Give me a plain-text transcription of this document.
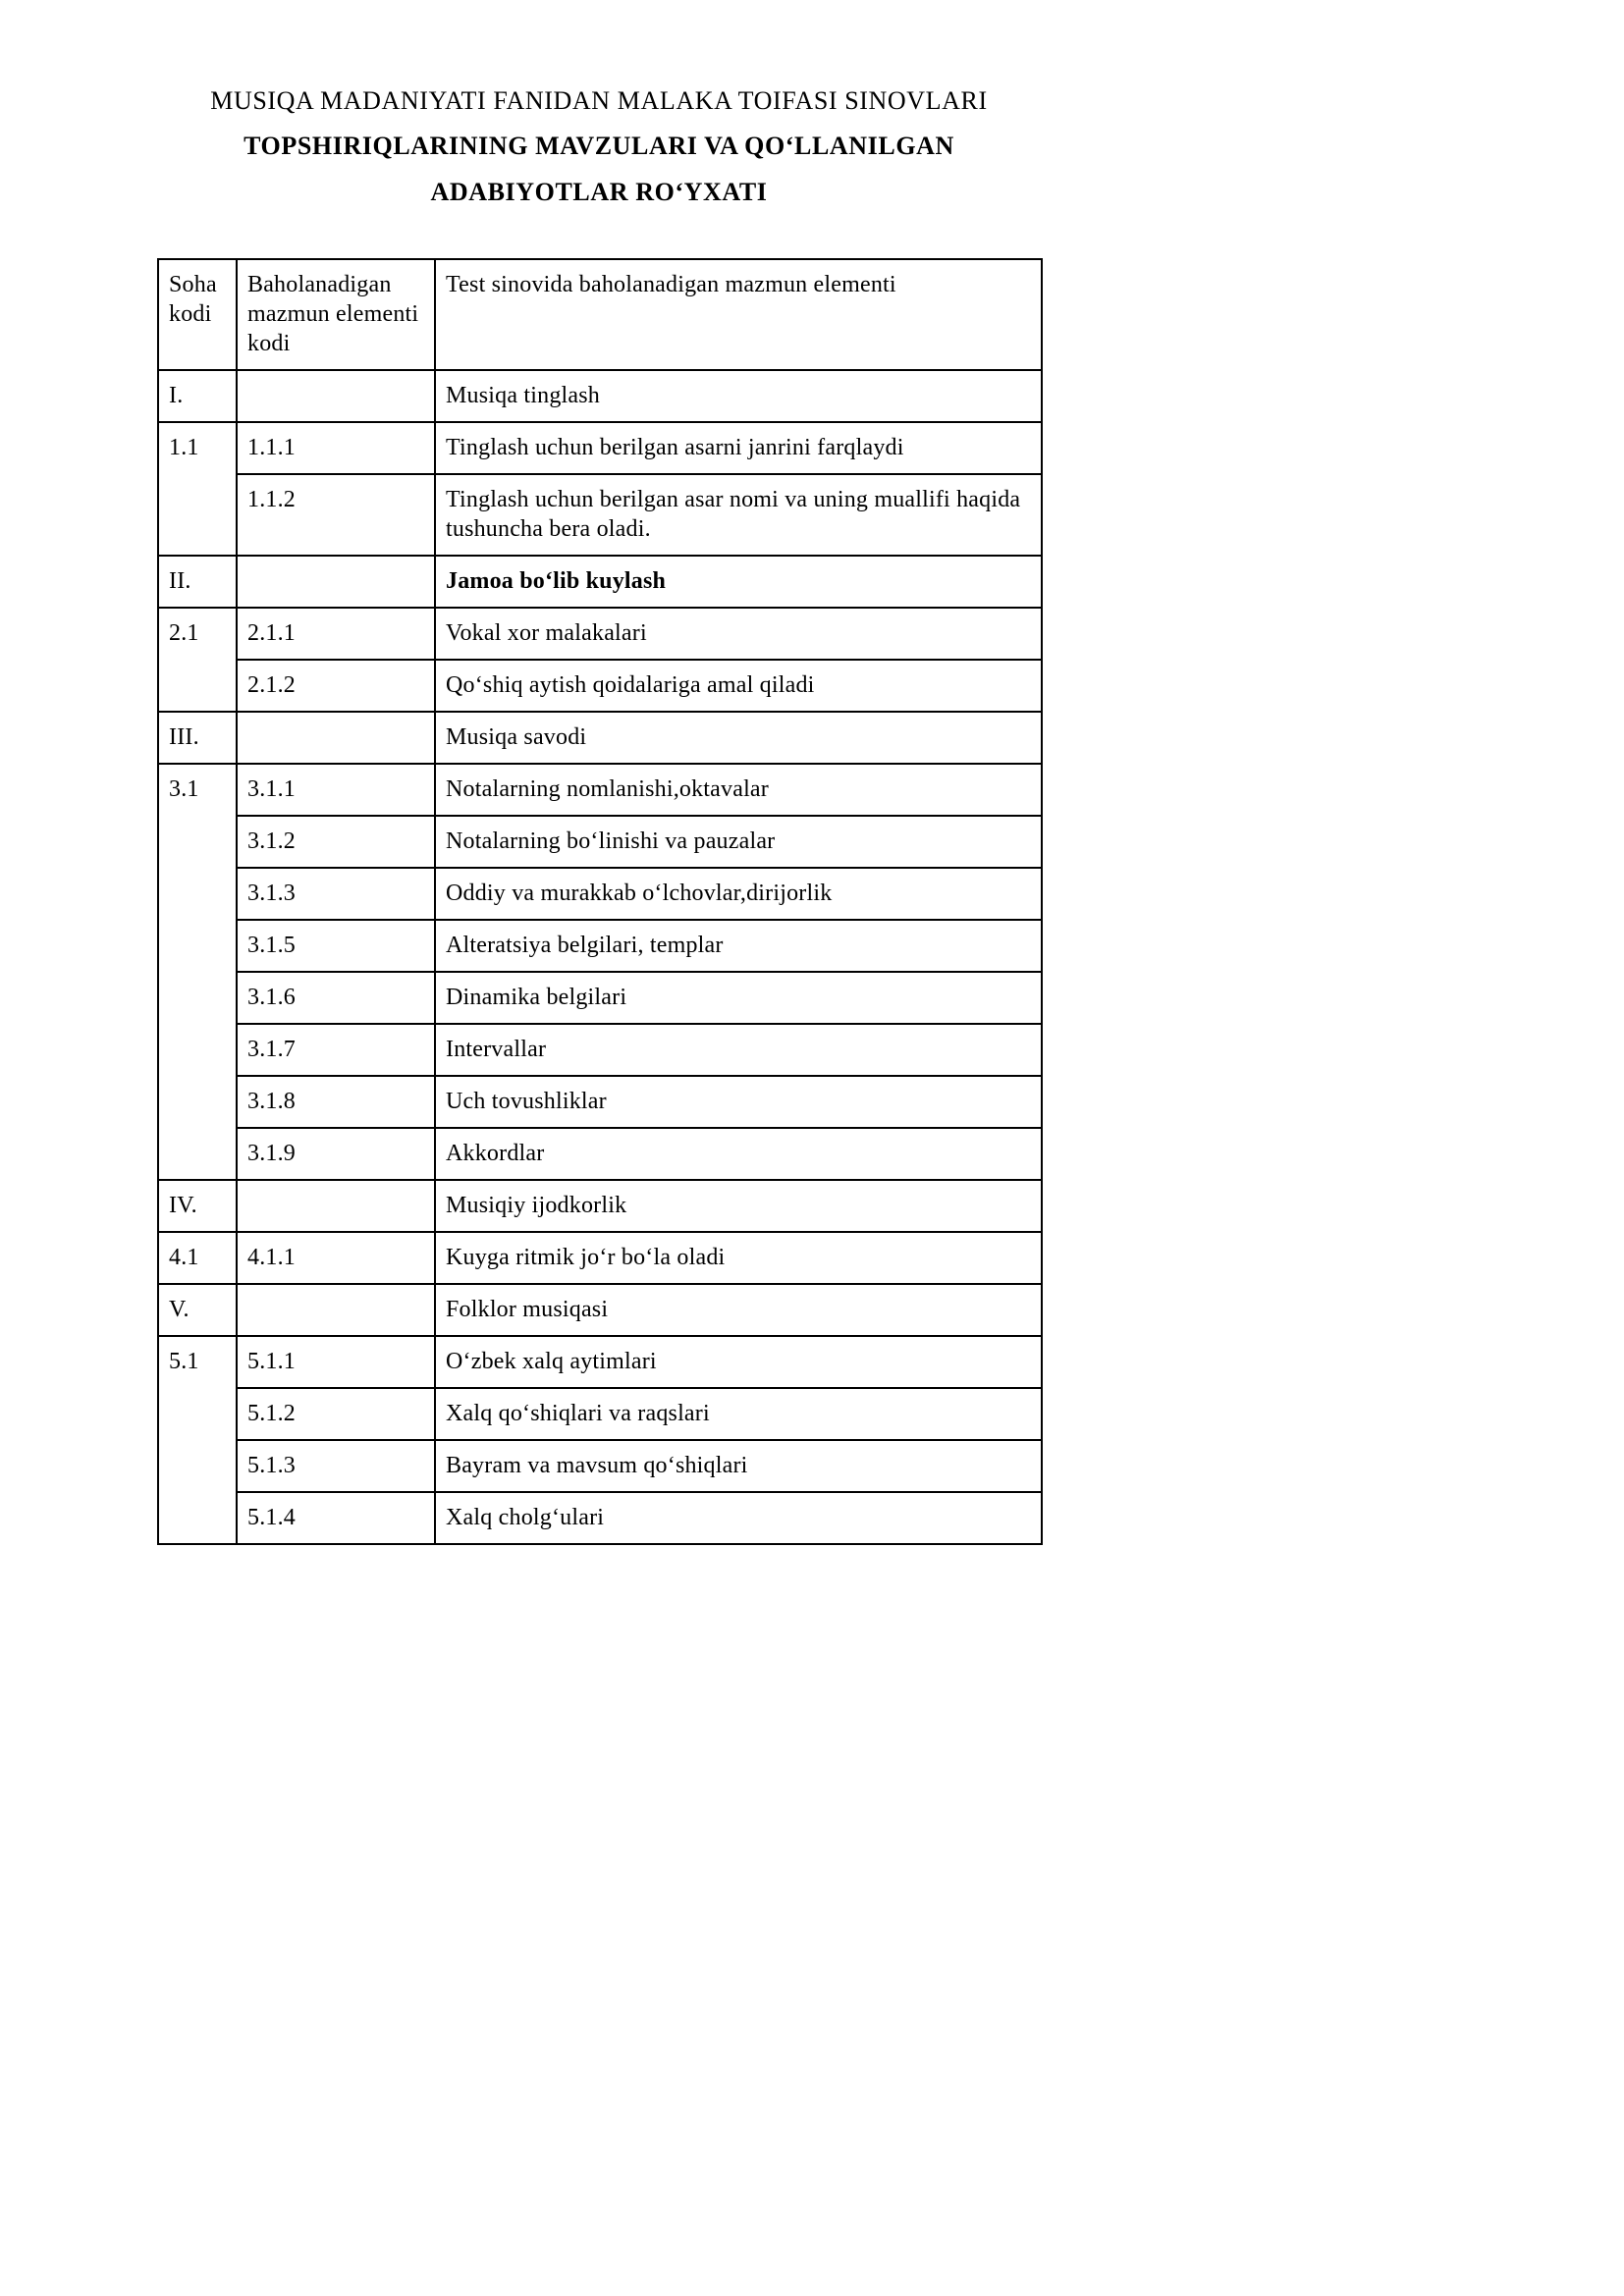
MUSIQA MADANIYATI FANIDAN MALAKA TOIFASI SINOVLARI
TOPSHIRIQLARINING MAVZULARI VA QO‘LLANILGAN
ADABIYOTLAR RO‘YXATI
Soha kodi	Baholanadigan mazmun elementi kodi	Test sinovida baholanadigan mazmun elementi
I.		Musiqa tinglash
1.1	1.1.1	Tinglash uchun berilgan asarni janrini farqlaydi
	1.1.2	Tinglash uchun berilgan asar nomi va uning muallifi haqida tushuncha bera oladi.
II.		Jamoa bo‘lib kuylash
2.1	2.1.1	Vokal xor malakalari
	2.1.2	Qo‘shiq aytish qoidalariga amal qiladi
III.		Musiqa savodi
3.1	3.1.1	Notalarning nomlanishi,oktavalar
	3.1.2	Notalarning bo‘linishi va pauzalar
	3.1.3	Oddiy va murakkab o‘lchovlar,dirijorlik
	3.1.5	Alteratsiya belgilari, templar
	3.1.6	Dinamika belgilari
	3.1.7	Intervallar
	3.1.8	Uch tovushliklar
	3.1.9	Akkordlar
IV.		Musiqiy ijodkorlik
4.1	4.1.1	Kuyga ritmik jo‘r bo‘la oladi
V.		Folklor musiqasi
5.1	5.1.1	O‘zbek xalq aytimlari
	5.1.2	Xalq qo‘shiqlari va raqslari
	5.1.3	Bayram va mavsum qo‘shiqlari
	5.1.4	Xalq cholg‘ulari
